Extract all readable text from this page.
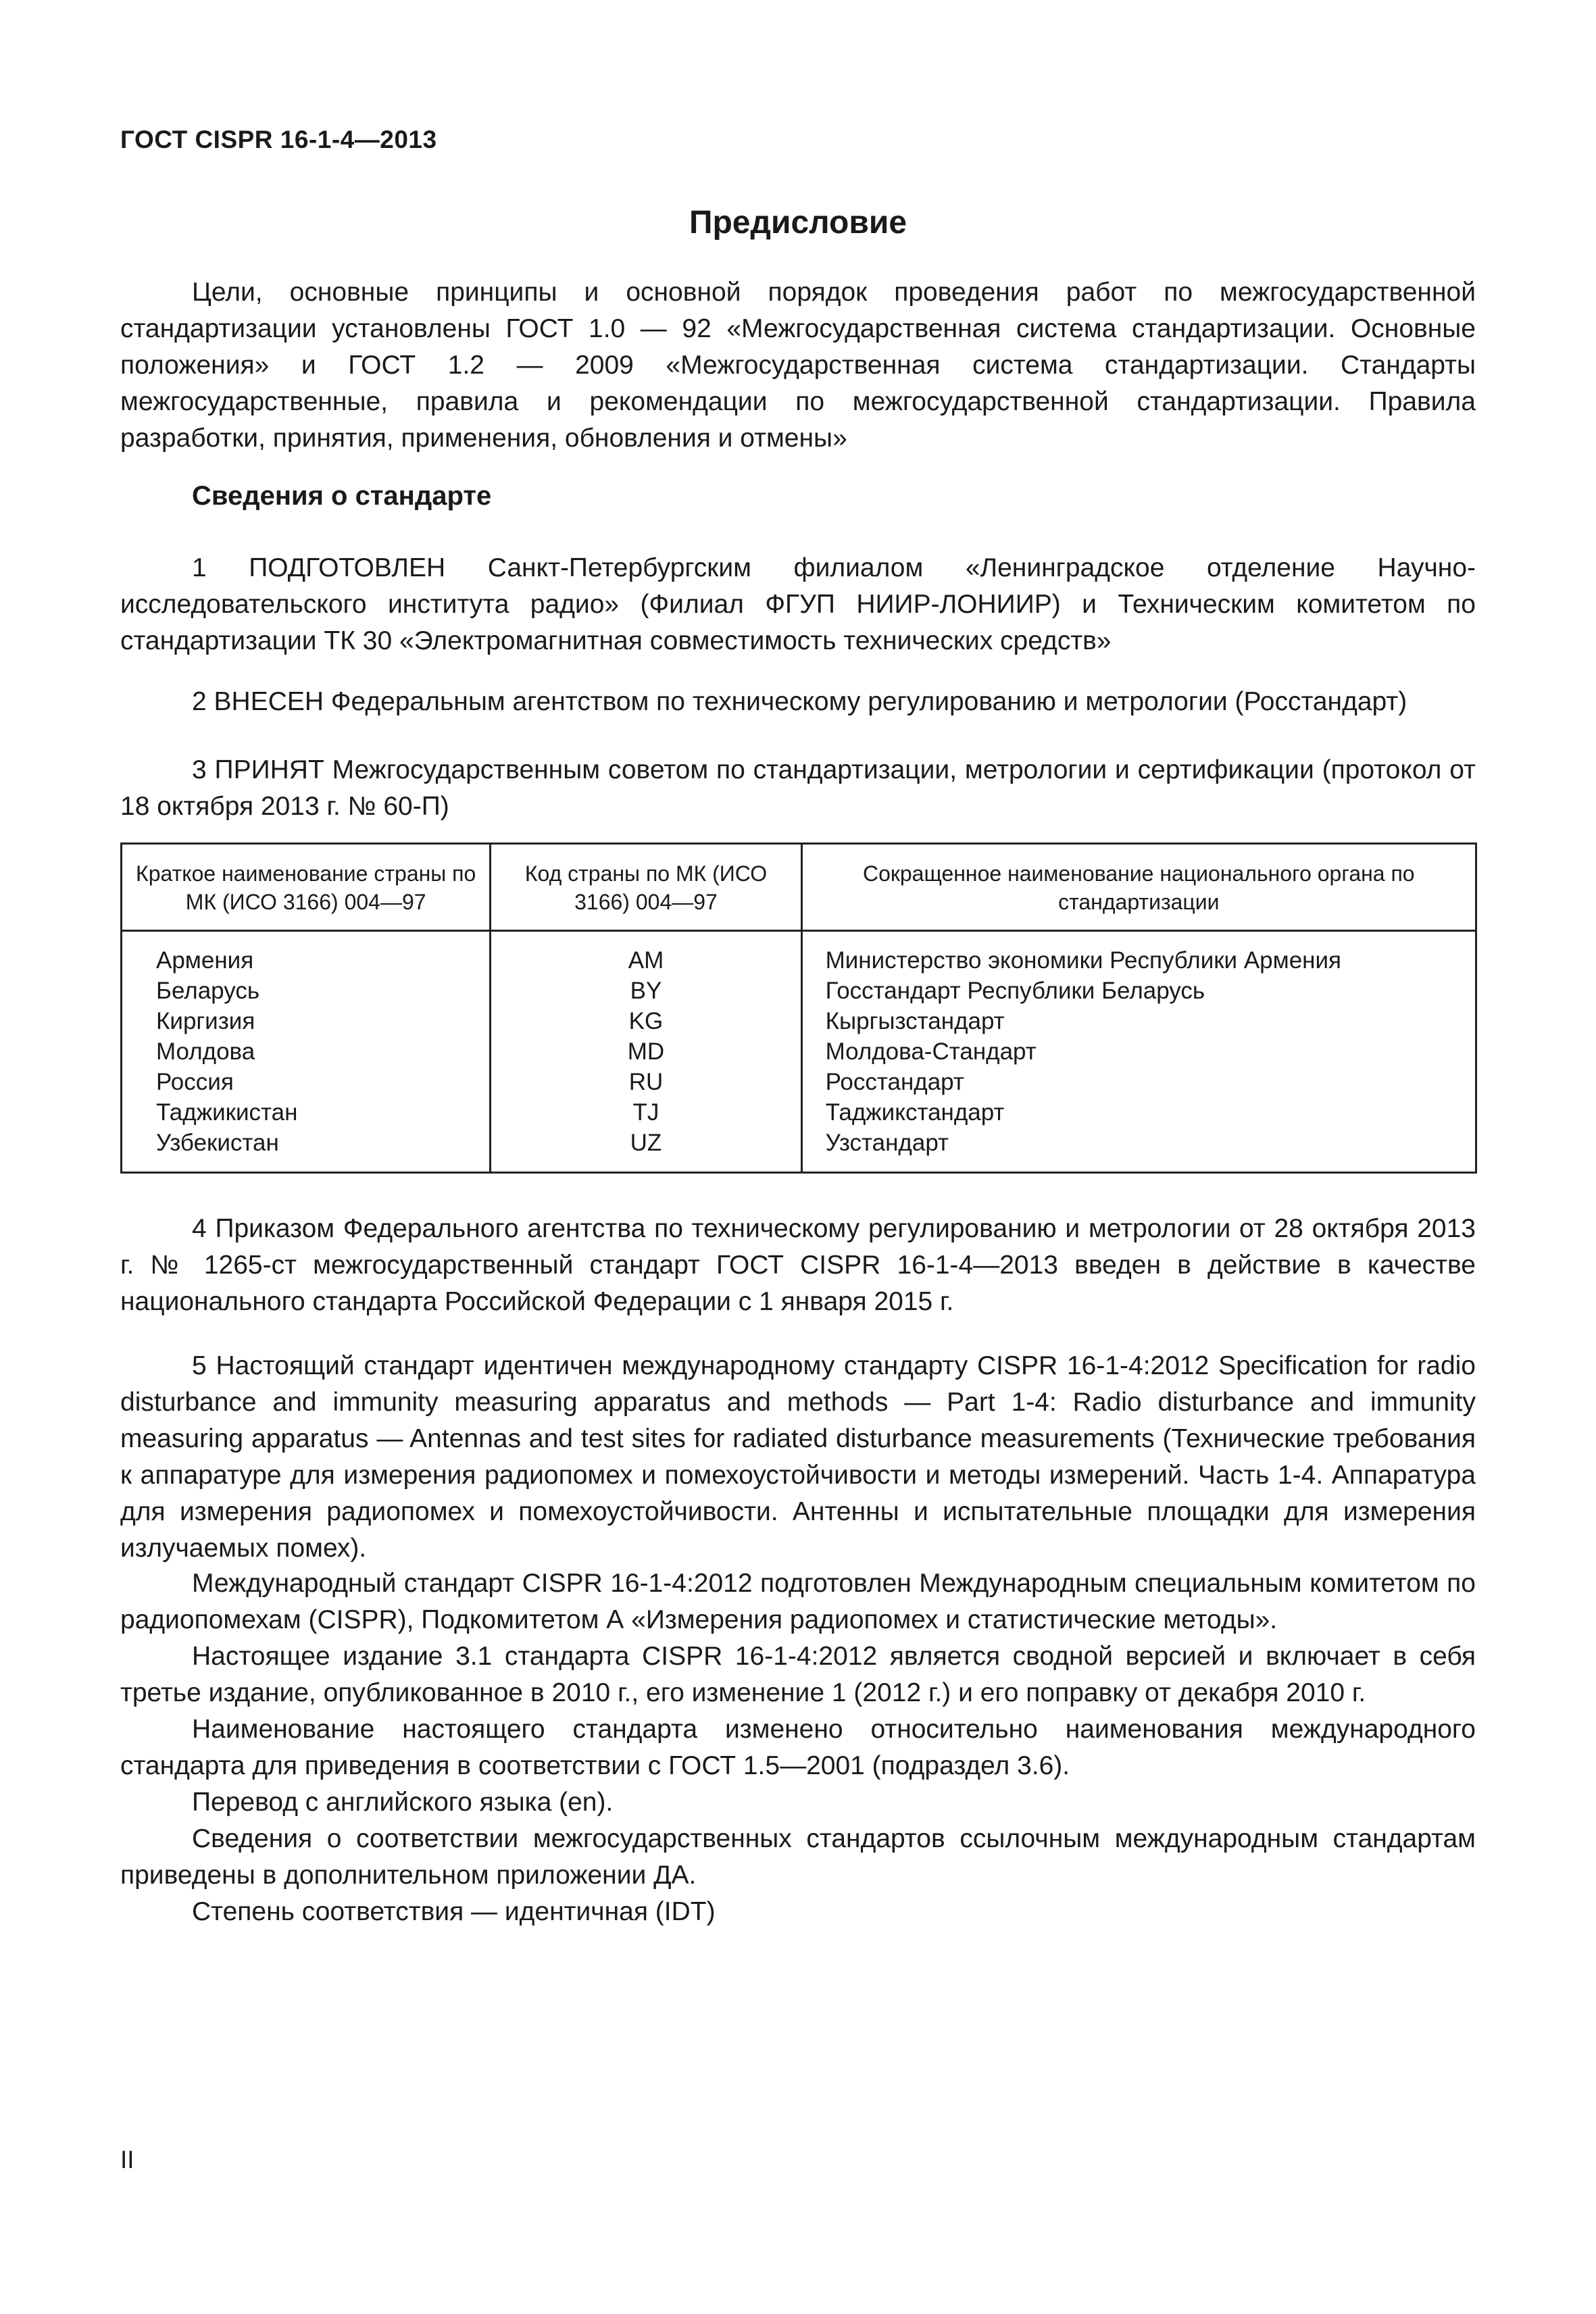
ГОСТ CISPR 16-1-4—2013
Предисловие

Цели, основные принципы и основной порядок проведения работ по межгосударственной стандартизации установлены ГОСТ 1.0 — 92 «Межгосударственная система стандартизации. Основные положения» и ГОСТ 1.2 — 2009 «Межгосударственная система стандартизации. Стандарты межгосударственные, правила и рекомендации по межгосударственной стандартизации. Правила разработки, принятия, применения, обновления и отмены»

Сведения о стандарте

1 ПОДГОТОВЛЕН Санкт-Петербургским филиалом «Ленинградское отделение Научно-исследовательского института радио» (Филиал ФГУП НИИР-ЛОНИИР) и Техническим комитетом по стандартизации ТК 30 «Электромагнитная совместимость технических средств»

2 ВНЕСЕН Федеральным агентством по техническому регулированию и метрологии (Росстандарт)

3 ПРИНЯТ Межгосударственным советом по стандартизации, метрологии и сертификации (протокол от 18 октября 2013 г. № 60-П)

Краткое наименование страны по МК (ИСО 3166) 004—97	Код страны по МК (ИСО 3166) 004—97	Сокращенное наименование национального органа по стандартизации
Армения	AM	Министерство экономики Республики Армения
Беларусь	BY	Госстандарт Республики Беларусь
Киргизия	KG	Кыргызстандарт
Молдова	MD	Молдова-Стандарт
Россия	RU	Росстандарт
Таджикистан	TJ	Таджикстандарт
Узбекистан	UZ	Узстандарт

4 Приказом Федерального агентства по техническому регулированию и метрологии от 28 октября 2013 г. № 1265-ст межгосударственный стандарт ГОСТ CISPR 16-1-4—2013 введен в действие в качестве национального стандарта Российской Федерации с 1 января 2015 г.

5 Настоящий стандарт идентичен международному стандарту CISPR 16-1-4:2012 Specification for radio disturbance and immunity measuring apparatus and methods — Part 1-4: Radio disturbance and immunity measuring apparatus — Antennas and test sites for radiated disturbance measurements (Технические требования к аппаратуре для измерения радиопомех и помехоустойчивости и методы измерений. Часть 1-4. Аппаратура для измерения радиопомех и помехоустойчивости. Антенны и испытательные площадки для измерения излучаемых помех).

Международный стандарт CISPR 16-1-4:2012 подготовлен Международным специальным комитетом по радиопомехам (CISPR), Подкомитетом А «Измерения радиопомех и статистические методы».

Настоящее издание 3.1 стандарта CISPR 16-1-4:2012 является сводной версией и включает в себя третье издание, опубликованное в 2010 г., его изменение 1 (2012 г.) и его поправку от декабря 2010 г.

Наименование настоящего стандарта изменено относительно наименования международного стандарта для приведения в соответствии с ГОСТ 1.5—2001 (подраздел 3.6).

Перевод с английского языка (en).

Сведения о соответствии межгосударственных стандартов ссылочным международным стандартам приведены в дополнительном приложении ДА.

Степень соответствия — идентичная (IDT)

II
